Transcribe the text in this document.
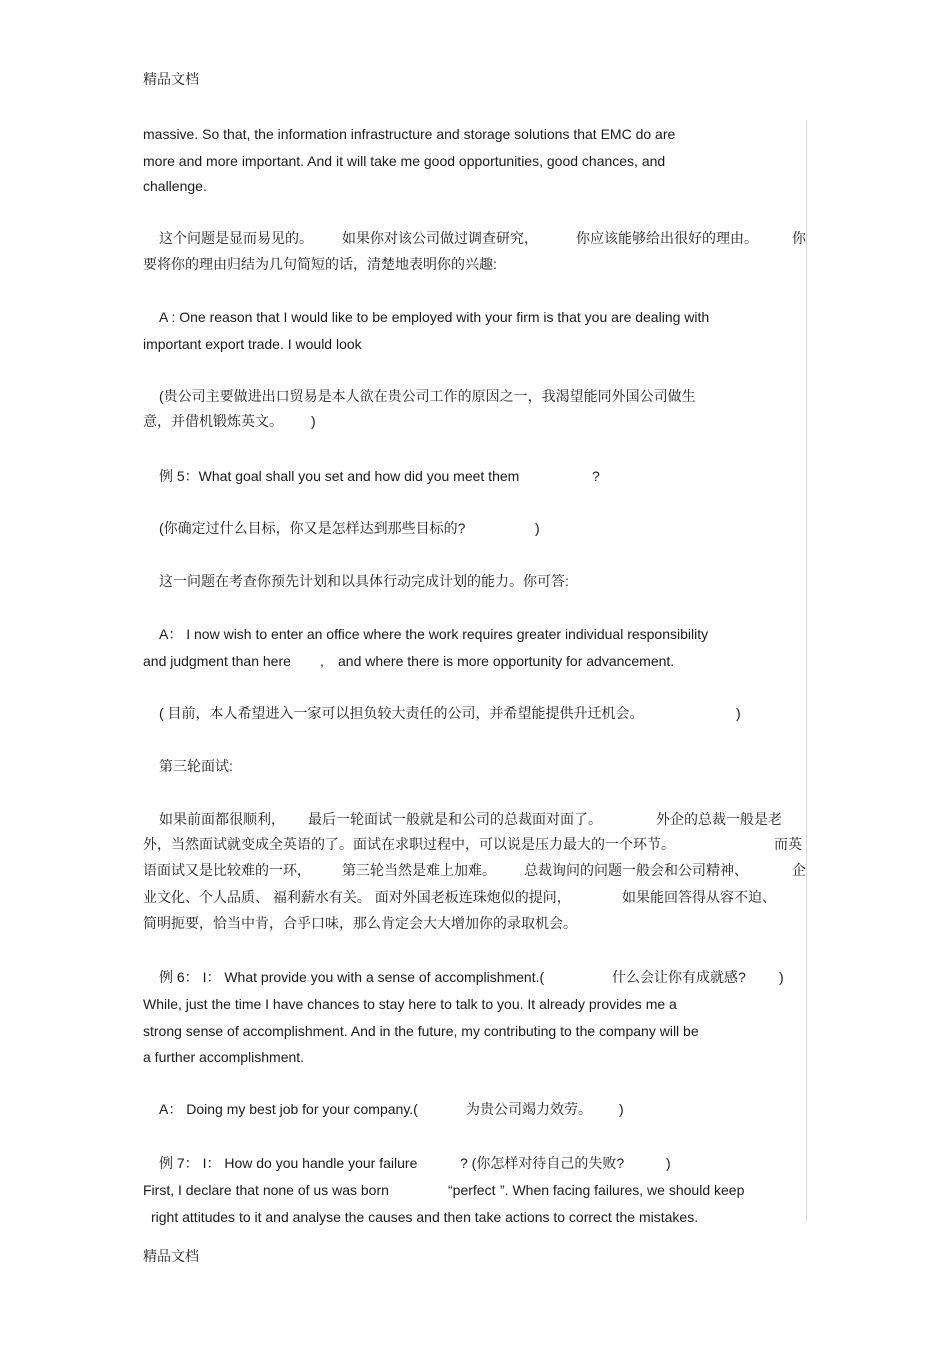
精品文档
massive. So that, the information infrastructure and storage solutions that EMC do are
more and more important. And it will take me good opportunities, good chances, and
challenge.
这个问题是显而易见的。 如果你对该公司做过调查研究，	你应该能够给出很好的理由。 你
要将你的理由归结为几句简短的话，清楚地表明你的兴趣:
A : One reason that I would like to be employed with your firm is that you are dealing with
important export trade. I would look
(贵公司主要做进出口贸易是本人欲在贵公司工作的原因之一，我渴望能同外国公司做生
意，并借机锻炼英文。 )
例 5：What goal shall you set and how did you meet them	?
(你确定过什么目标，你又是怎样达到那些目标的?	)
这一问题在考查你预先计划和以具体行动完成计划的能力。你可答:
A： I now wish to enter an office where the work requires greater individual responsibility
and judgment than here , and where there is more opportunity for advancement.
( 目前，本人希望进入一家可以担负较大责任的公司，并希望能提供升迁机会。	)
第三轮面试:
如果前面都很顺利， 最后一轮面试一般就是和公司的总裁面对面了。	外企的总裁一般是老
外，当然面试就变成全英语的了。面试在求职过程中，可以说是压力最大的一个环节。	而英
语面试又是比较难的一环， 第三轮当然是难上加难。 总裁询问的问题一般会和公司精神、	企
业文化、个人品质、 福利薪水有关。 面对外国老板连珠炮似的提问，	如果能回答得从容不迫、
简明扼要，恰当中肯，合乎口味，那么肯定会大大增加你的录取机会。
例 6： I： What provide you with a sense of accomplishment.(	什么会让你有成就感? )
While, just the time I have chances to stay here to talk to you. It already provides me a
strong sense of accomplishment. And in the future, my contributing to the company will be
a further accomplishment.
A： Doing my best job for your company.(	为贵公司竭力效劳。 )
例 7： I： How do you handle your failure	? (你怎样对待自己的失败?	)
First, I declare that none of us was born	“perfect ”. When facing failures, we should keep
right attitudes to it and analyse the causes and then take actions to correct the mistakes.
精品文档
